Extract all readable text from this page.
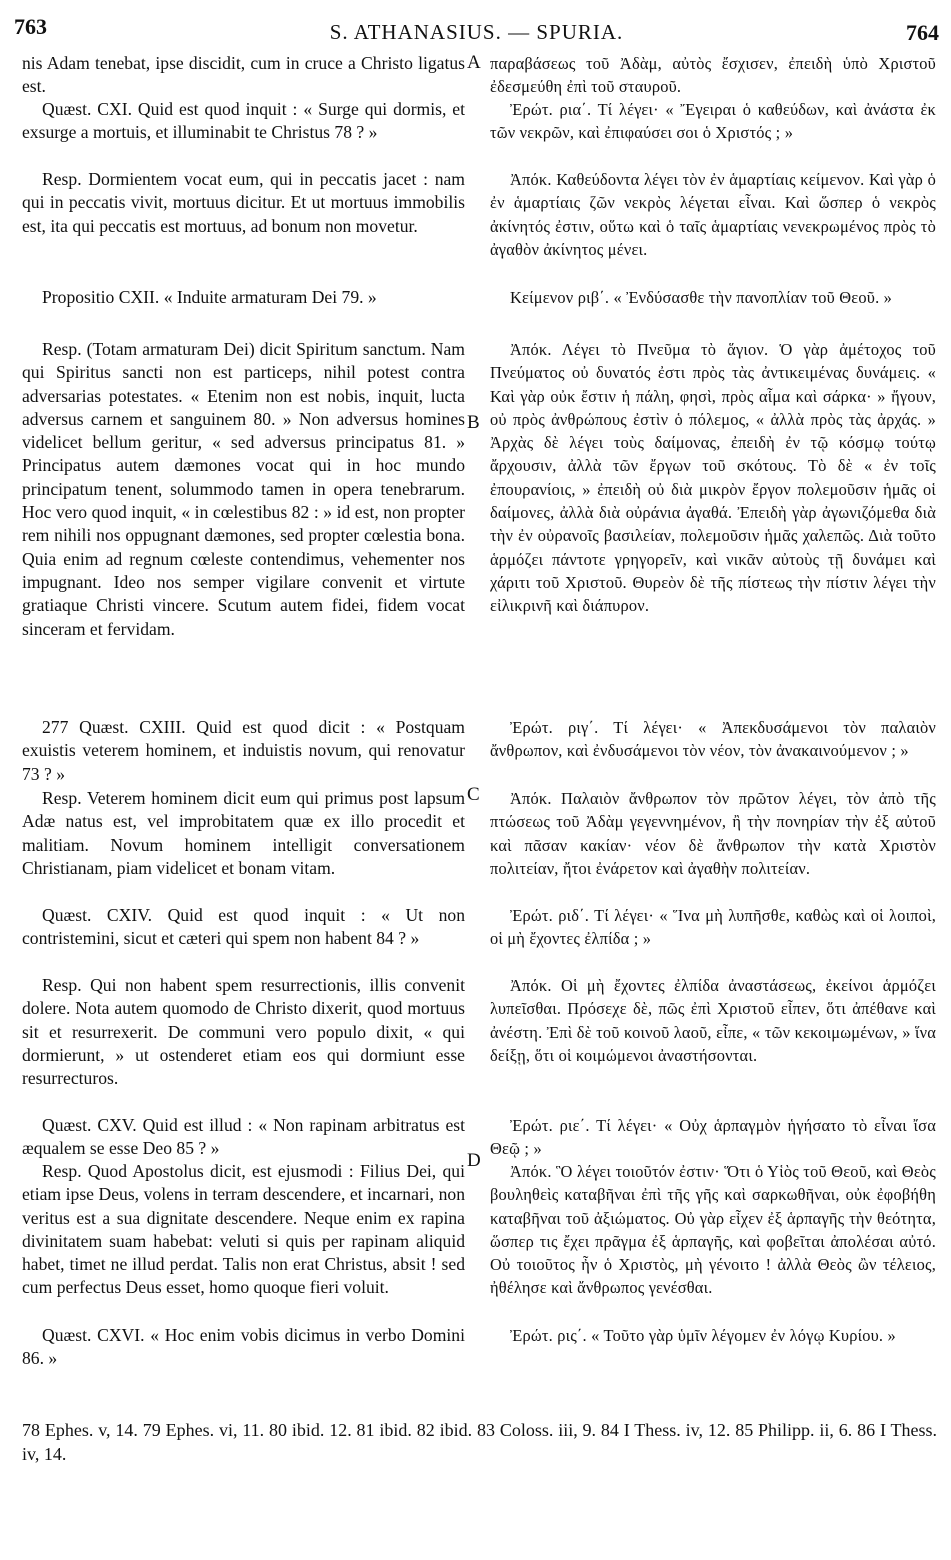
763	S. ATHANASIUS. — SPURIA.	764
nis Adam tenebat, ipse discidit, cum in cruce a Christo ligatus est.
Quæst. CXI. Quid est quod inquit : « Surge qui dormis, et exsurge a mortuis, et illuminabit te Christus 78 ? »
Resp. Dormientem vocat eum, qui in peccatis jacet : nam qui in peccatis vivit, mortuus dicitur. Et ut mortuus immobilis est, ita qui peccatis est mortuus, ad bonum non movetur.
Propositio CXII. « Induite armaturam Dei 79. »
Resp. (Totam armaturam Dei) dicit Spiritum sanctum. Nam qui Spiritus sancti non est particeps, nihil potest contra adversarias potestates. « Etenim non est nobis, inquit, lucta adversus carnem et sanguinem 80. » Non adversus homines videlicet bellum geritur, « sed adversus principatus 81. » Principatus autem dæmones vocat qui in hoc mundo principatum tenent, solummodo tamen in opera tenebrarum. Hoc vero quod inquit, « in cœlestibus 82 : » id est, non propter rem nihili nos oppugnant dæmones, sed propter cœlestia bona. Quia enim ad regnum cœleste contendimus, vehementer nos impugnant. Ideo nos semper vigilare convenit et virtute gratiaque Christi vincere. Scutum autem fidei, fidem vocat sinceram et fervidam.
277 Quæst. CXIII. Quid est quod dicit : « Postquam exuistis veterem hominem, et induistis novum, qui renovatur 73 ? »
Resp. Veterem hominem dicit eum qui primus post lapsum Adæ natus est, vel improbitatem quæ ex illo procedit et malitiam. Novum hominem intelligit conversationem Christianam, piam videlicet et bonam vitam.
Quæst. CXIV. Quid est quod inquit : « Ut non contristemini, sicut et cæteri qui spem non habent 84 ? »
Resp. Qui non habent spem resurrectionis, illis convenit dolere. Nota autem quomodo de Christo dixerit, quod mortuus sit et resurrexerit. De communi vero populo dixit, « qui dormierunt, » ut ostenderet etiam eos qui dormiunt esse resurrecturos.
Quæst. CXV. Quid est illud : « Non rapinam arbitratus est æqualem se esse Deo 85 ? »
Resp. Quod Apostolus dicit, est ejusmodi : Filius Dei, qui etiam ipse Deus, volens in terram descendere, et incarnari, non veritus est a sua dignitate descendere. Neque enim ex rapina divinitatem suam habebat: veluti si quis per rapinam aliquid habet, timet ne illud perdat. Talis non erat Christus, absit ! sed cum perfectus Deus esset, homo quoque fieri voluit.
Quæst. CXVI. « Hoc enim vobis dicimus in verbo Domini 86. »
A
B
C
D
παραβάσεως τοῦ Ἀδὰμ, αὐτὸς ἔσχισεν, ἐπειδὴ ὑπὸ Χριστοῦ ἐδεσμεύθη ἐπὶ τοῦ σταυροῦ.
Ἐρώτ. ρια΄. Τί λέγει· « Ἔγειραι ὁ καθεύδων, καὶ ἀνάστα ἐκ τῶν νεκρῶν, καὶ ἐπιφαύσει σοι ὁ Χριστός ; »
Ἀπόκ. Καθεύδοντα λέγει τὸν ἐν ἁμαρτίαις κείμενον. Καὶ γὰρ ὁ ἐν ἁμαρτίαις ζῶν νεκρὸς λέγεται εἶναι. Καὶ ὥσπερ ὁ νεκρὸς ἀκίνητός ἐστιν, οὕτω καὶ ὁ ταῖς ἁμαρτίαις νενεκρωμένος πρὸς τὸ ἀγαθὸν ἀκίνητος μένει.
Κείμενον ριβ΄. « Ἐνδύσασθε τὴν πανοπλίαν τοῦ Θεοῦ. »
Ἀπόκ. Λέγει τὸ Πνεῦμα τὸ ἅγιον. Ὁ γὰρ ἀμέτοχος τοῦ Πνεύματος οὐ δυνατός ἐστι πρὸς τὰς ἀντικειμένας δυνάμεις. « Καὶ γὰρ οὐκ ἔστιν ἡ πάλη, φησὶ, πρὸς αἷμα καὶ σάρκα· » ἤγουν, οὐ πρὸς ἀνθρώπους ἐστὶν ὁ πόλεμος, « ἀλλὰ πρὸς τὰς ἀρχάς. » Ἀρχὰς δὲ λέγει τοὺς δαίμονας, ἐπειδὴ ἐν τῷ κόσμῳ τούτῳ ἄρχουσιν, ἀλλὰ τῶν ἔργων τοῦ σκότους. Τὸ δὲ « ἐν τοῖς ἐπουρανίοις, » ἐπειδὴ οὐ διὰ μικρὸν ἔργον πολεμοῦσιν ἡμᾶς οἱ δαίμονες, ἀλλὰ διὰ οὐράνια ἀγαθά. Ἐπειδὴ γὰρ ἀγωνιζόμεθα διὰ τὴν ἐν οὐρανοῖς βασιλείαν, πολεμοῦσιν ἡμᾶς χαλεπῶς. Διὰ τοῦτο ἁρμόζει πάντοτε γρηγορεῖν, καὶ νικᾶν αὐτοὺς τῇ δυνάμει καὶ χάριτι τοῦ Χριστοῦ. Θυρεὸν δὲ τῆς πίστεως τὴν πίστιν λέγει τὴν εἰλικρινῆ καὶ διάπυρον.
Ἐρώτ. ριγ΄. Τί λέγει· « Ἀπεκδυσάμενοι τὸν παλαιὸν ἄνθρωπον, καὶ ἐνδυσάμενοι τὸν νέον, τὸν ἀνακαινούμενον ; »
Ἀπόκ. Παλαιὸν ἄνθρωπον τὸν πρῶτον λέγει, τὸν ἀπὸ τῆς πτώσεως τοῦ Ἀδὰμ γεγεννημένον, ἢ τὴν πονηρίαν τὴν ἐξ αὐτοῦ καὶ πᾶσαν κακίαν· νέον δὲ ἄνθρωπον τὴν κατὰ Χριστὸν πολιτείαν, ἤτοι ἐνάρετον καὶ ἀγαθὴν πολιτείαν.
Ἐρώτ. ριδ΄. Τί λέγει· « Ἵνα μὴ λυπῆσθε, καθὼς καὶ οἱ λοιποὶ, οἱ μὴ ἔχοντες ἐλπίδα ; »
Ἀπόκ. Οἱ μὴ ἔχοντες ἐλπίδα ἀναστάσεως, ἐκείνοι ἁρμόζει λυπεῖσθαι. Πρόσεχε δὲ, πῶς ἐπὶ Χριστοῦ εἶπεν, ὅτι ἀπέθανε καὶ ἀνέστη. Ἐπὶ δὲ τοῦ κοινοῦ λαοῦ, εἶπε, « τῶν κεκοιμωμένων, » ἵνα δείξῃ, ὅτι οἱ κοιμώμενοι ἀναστήσονται.
Ἐρώτ. ριε΄. Τί λέγει· « Οὐχ ἁρπαγμὸν ἡγήσατο τὸ εἶναι ἴσα Θεῷ ; »
Ἀπόκ. Ὃ λέγει τοιοῦτόν ἐστιν· Ὅτι ὁ Υἱὸς τοῦ Θεοῦ, καὶ Θεὸς βουληθεὶς καταβῆναι ἐπὶ τῆς γῆς καὶ σαρκωθῆναι, οὐκ ἐφοβήθη καταβῆναι τοῦ ἀξιώματος. Οὐ γὰρ εἶχεν ἐξ ἁρπαγῆς τὴν θεότητα, ὥσπερ τις ἔχει πρᾶγμα ἐξ ἁρπαγῆς, καὶ φοβεῖται ἀπολέσαι αὐτό. Οὐ τοιοῦτος ἦν ὁ Χριστὸς, μὴ γένοιτο ! ἀλλὰ Θεὸς ὢν τέλειος, ἠθέλησε καὶ ἄνθρωπος γενέσθαι.
Ἐρώτ. ρις΄. « Τοῦτο γὰρ ὑμῖν λέγομεν ἐν λόγῳ Κυρίου. »
78 Ephes. v, 14. 79 Ephes. vi, 11. 80 ibid. 12. 81 ibid. 82 ibid. 83 Coloss. iii, 9. 84 I Thess. iv, 12. 85 Philipp. ii, 6. 86 I Thess. iv, 14.
